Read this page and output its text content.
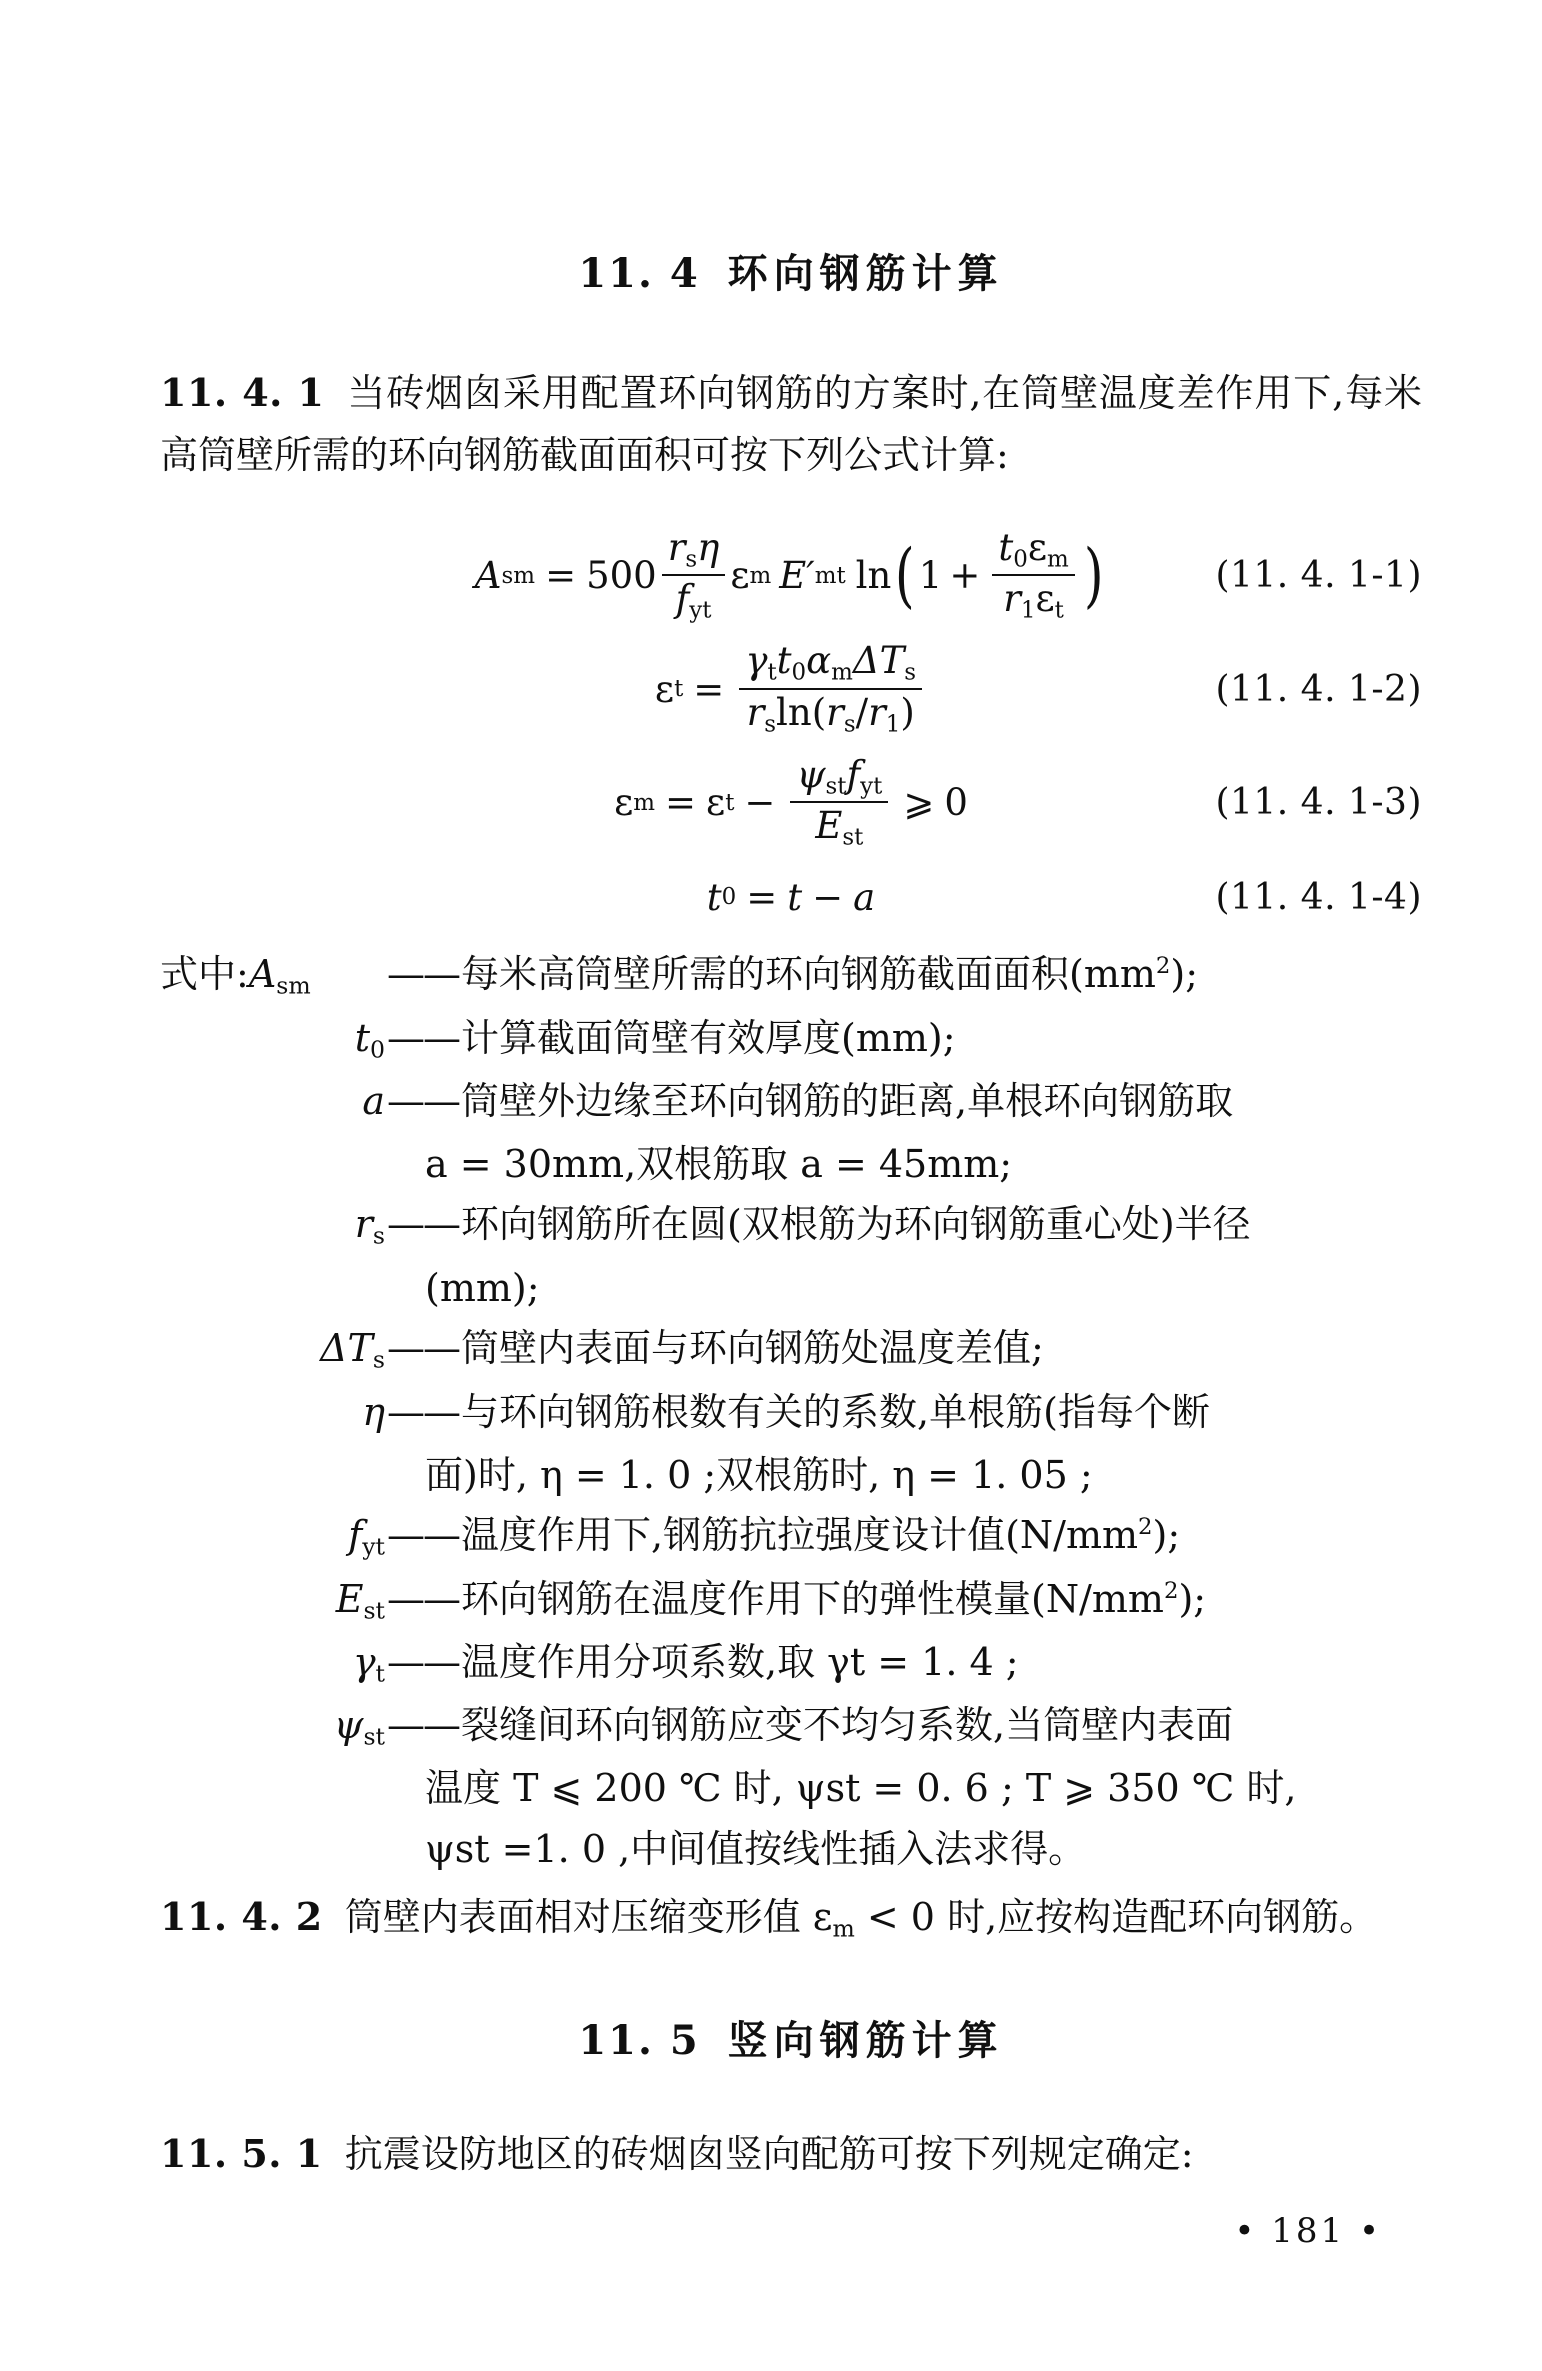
11. 4 环向钢筋计算

11. 4. 1 当砖烟囱采用配置环向钢筋的方案时,在筒壁温度差作用下,每米高筒壁所需的环向钢筋截面面积可按下列公式计算:

A sm = $500 \frac{r_s\eta}{f_{yt}}$ ε m E′ mt ln ( $1 + \frac{t_0\varepsilon_m}{r_1\varepsilon_t}$ )	(11. 4. 1-1)
ε $t = \frac{\gamma_tt_0\alpha_m\Delta T_s}{r_s\ln(r_s/r_1)}$	(11. 4. 1-2)
ε m = ε $t - \frac{\psi_{st}f_{yt}}{E_{st}}$ ⩾ 0	(11. 4. 1-3)
t 0 = t − a	(11. 4. 1-4)
式中$:A_{sm}$	—— 每米高筒壁所需的环向钢筋截面面积$(mm^2)$;
$t_0$ —— 计算截面筒壁有效厚度(mm);
a —— 筒壁外边缘至环向钢筋的距离,单根环向钢筋取
a = 30mm,双根筋取 a = 45mm;
$r_s$ —— 环向钢筋所在圆(双根筋为环向钢筋重心处)半径
(mm);
$\Delta T_s$ —— 筒壁内表面与环向钢筋处温度差值;
η —— 与环向钢筋根数有关的系数,单根筋(指每个断
面)时, η = 1. 0 ;双根筋时, η = 1. 05 ;
$f_{yt}$ —— 温度作用下,钢筋抗拉强度设计值$(N/mm^2)$;
$E_{st}$ —— 环向钢筋在温度作用下的弹性模量$(N/mm^2)$;
$\gamma_t$ —— 温度作用分项系数,取 γt = 1. 4 ;
$\psi_{st}$ —— 裂缝间环向钢筋应变不均匀系数,当筒壁内表面
温度 T ⩽ 200 ℃ 时, ψst = 0. 6 ; T ⩾ 350 ℃ 时,
ψst =1. 0 ,中间值按线性插入法求得。

11. 4. 2 筒壁内表面相对压缩变形值 $\varepsilon_m < 0$ 时,应按构造配环向钢筋。

11. 5 竖向钢筋计算

11. 5. 1 抗震设防地区的砖烟囱竖向配筋可按下列规定确定:

• 181 •
